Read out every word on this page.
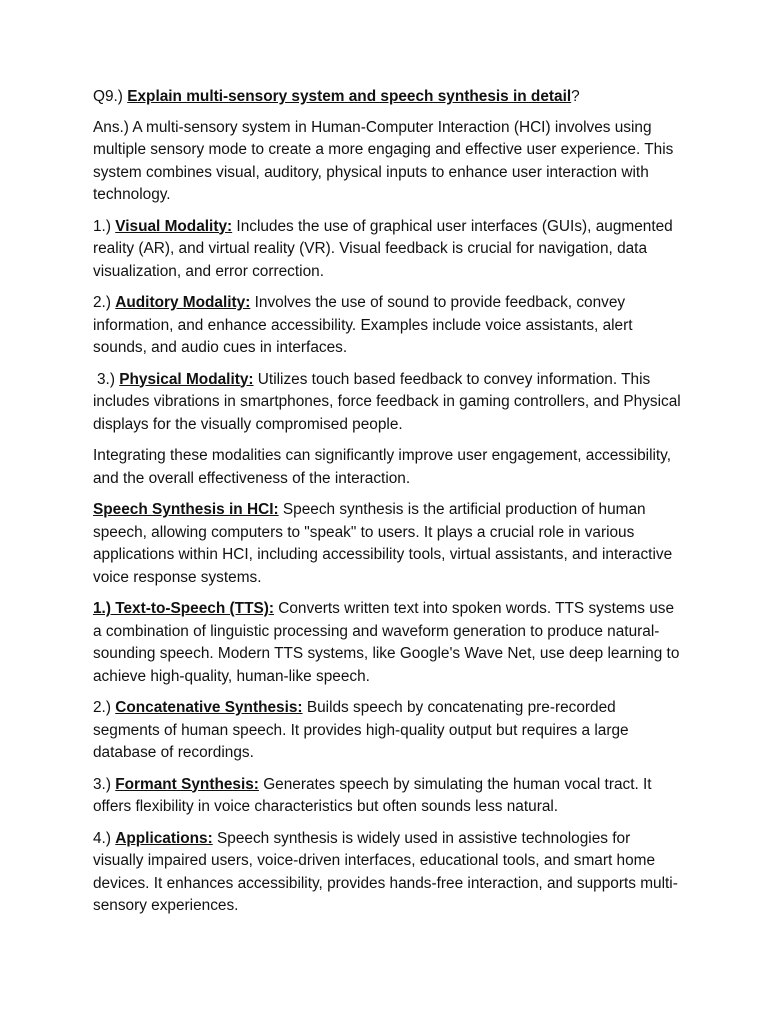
Q9.) Explain multi-sensory system and speech synthesis in detail?

Ans.) A multi-sensory system in Human-Computer Interaction (HCI) involves using multiple sensory mode to create a more engaging and effective user experience. This system combines visual, auditory, physical inputs to enhance user interaction with technology.

1.) Visual Modality: Includes the use of graphical user interfaces (GUIs), augmented reality (AR), and virtual reality (VR). Visual feedback is crucial for navigation, data visualization, and error correction.

2.) Auditory Modality: Involves the use of sound to provide feedback, convey information, and enhance accessibility. Examples include voice assistants, alert sounds, and audio cues in interfaces.

3.) Physical Modality: Utilizes touch based feedback to convey information. This includes vibrations in smartphones, force feedback in gaming controllers, and Physical displays for the visually compromised people.

Integrating these modalities can significantly improve user engagement, accessibility, and the overall effectiveness of the interaction.

Speech Synthesis in HCI: Speech synthesis is the artificial production of human speech, allowing computers to "speak" to users. It plays a crucial role in various applications within HCI, including accessibility tools, virtual assistants, and interactive voice response systems.

1.) Text-to-Speech (TTS): Converts written text into spoken words. TTS systems use a combination of linguistic processing and waveform generation to produce natural-sounding speech. Modern TTS systems, like Google's Wave Net, use deep learning to achieve high-quality, human-like speech.

2.) Concatenative Synthesis: Builds speech by concatenating pre-recorded segments of human speech. It provides high-quality output but requires a large database of recordings.

3.) Formant Synthesis: Generates speech by simulating the human vocal tract. It offers flexibility in voice characteristics but often sounds less natural.

4.) Applications: Speech synthesis is widely used in assistive technologies for visually impaired users, voice-driven interfaces, educational tools, and smart home devices. It enhances accessibility, provides hands-free interaction, and supports multi-sensory experiences.
